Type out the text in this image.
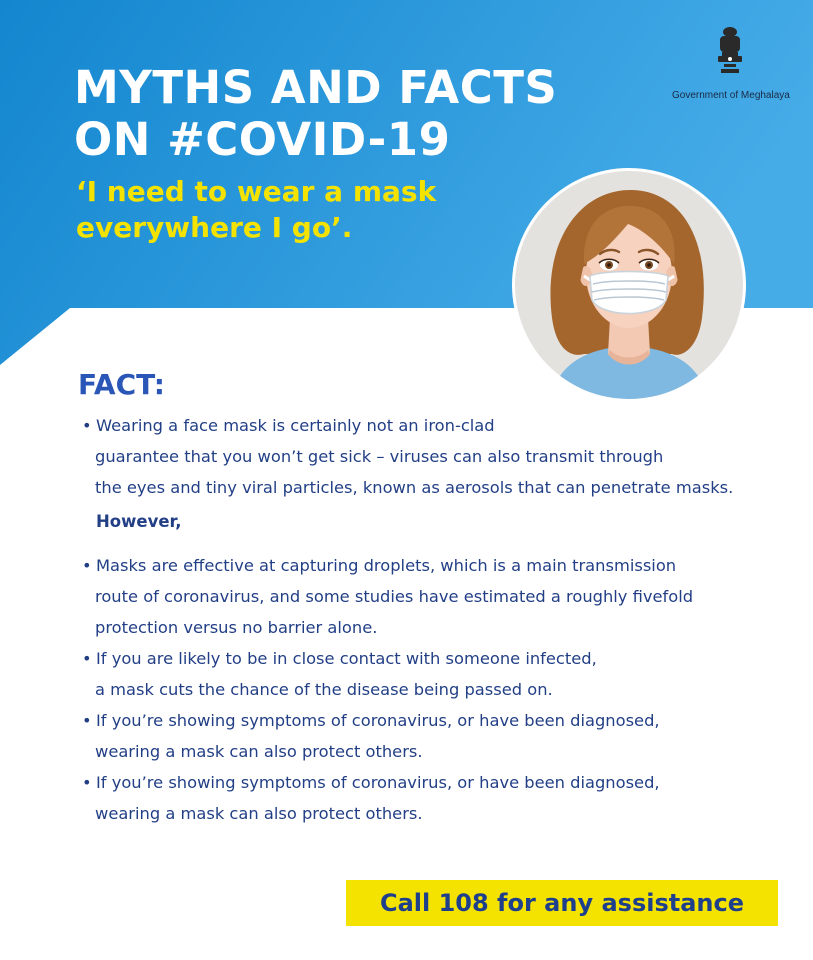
Government of Meghalaya
MYTHS AND FACTS
ON #COVID-19

‘I need to wear a mask
everywhere I go’.

FACT:
• Wearing a face mask is certainly not an iron-clad
guarantee that you won’t get sick – viruses can also transmit through
the eyes and tiny viral particles, known as aerosols that can penetrate masks.
However,
• Masks are effective at capturing droplets, which is a main transmission
route of coronavirus, and some studies have estimated a roughly fivefold
protection versus no barrier alone.
• If you are likely to be in close contact with someone infected,
a mask cuts the chance of the disease being passed on.
• If you’re showing symptoms of coronavirus, or have been diagnosed,
wearing a mask can also protect others.
• If you’re showing symptoms of coronavirus, or have been diagnosed,
wearing a mask can also protect others.
Call 108 for any assistance
